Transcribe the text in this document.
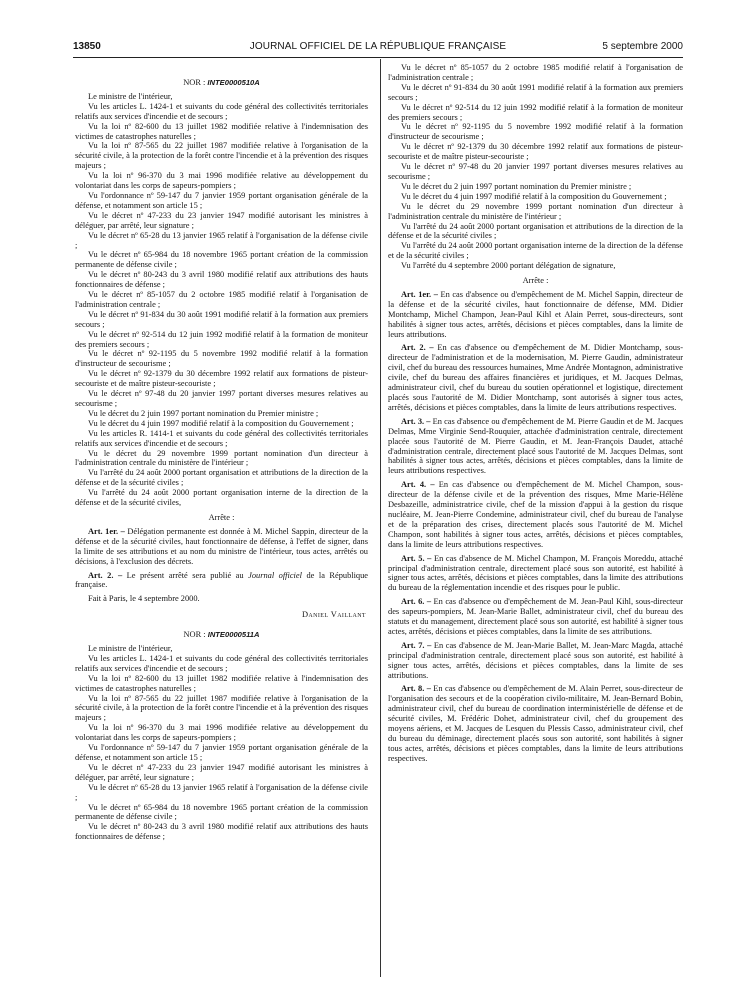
13850	JOURNAL OFFICIEL DE LA RÉPUBLIQUE FRANÇAISE	5 septembre 2000
NOR : INTE0000510A

Le ministre de l'intérieur,

Vu les articles L. 1424-1 et suivants du code général des collectivités territoriales relatifs aux services d'incendie et de secours ;

Vu la loi nº 82-600 du 13 juillet 1982 modifiée relative à l'indemnisation des victimes de catastrophes naturelles ;

Vu la loi nº 87-565 du 22 juillet 1987 modifiée relative à l'organisation de la sécurité civile, à la protection de la forêt contre l'incendie et à la prévention des risques majeurs ;

Vu la loi nº 96-370 du 3 mai 1996 modifiée relative au développement du volontariat dans les corps de sapeurs-pompiers ;

Vu l'ordonnance nº 59-147 du 7 janvier 1959 portant organisation générale de la défense, et notamment son article 15 ;

Vu le décret nº 47-233 du 23 janvier 1947 modifié autorisant les ministres à déléguer, par arrêté, leur signature ;

Vu le décret nº 65-28 du 13 janvier 1965 relatif à l'organisation de la défense civile ;

Vu le décret nº 65-984 du 18 novembre 1965 portant création de la commission permanente de défense civile ;

Vu le décret nº 80-243 du 3 avril 1980 modifié relatif aux attributions des hauts fonctionnaires de défense ;

Vu le décret nº 85-1057 du 2 octobre 1985 modifié relatif à l'organisation de l'administration centrale ;

Vu le décret nº 91-834 du 30 août 1991 modifié relatif à la formation aux premiers secours ;

Vu le décret nº 92-514 du 12 juin 1992 modifié relatif à la formation de moniteur des premiers secours ;

Vu le décret nº 92-1195 du 5 novembre 1992 modifié relatif à la formation d'instructeur de secourisme ;

Vu le décret nº 92-1379 du 30 décembre 1992 relatif aux formations de pisteur-secouriste et de maître pisteur-secouriste ;

Vu le décret nº 97-48 du 20 janvier 1997 portant diverses mesures relatives au secourisme ;

Vu le décret du 2 juin 1997 portant nomination du Premier ministre ;

Vu le décret du 4 juin 1997 modifié relatif à la composition du Gouvernement ;

Vu les articles R. 1414-1 et suivants du code général des collectivités territoriales relatifs aux services d'incendie et de secours ;

Vu le décret du 29 novembre 1999 portant nomination d'un directeur à l'administration centrale du ministère de l'intérieur ;

Vu l'arrêté du 24 août 2000 portant organisation et attributions de la direction de la défense et de la sécurité civiles ;

Vu l'arrêté du 24 août 2000 portant organisation interne de la direction de la défense et de la sécurité civiles,

Arrête :

Art. 1er. – Délégation permanente est donnée à M. Michel Sappin, directeur de la défense et de la sécurité civiles, haut fonctionnaire de défense, à l'effet de signer, dans la limite de ses attributions et au nom du ministre de l'intérieur, tous actes, arrêtés ou décisions, à l'exclusion des décrets.

Art. 2. – Le présent arrêté sera publié au Journal officiel de la République française.

Fait à Paris, le 4 septembre 2000.

Daniel Vaillant
NOR : INTE0000511A

Le ministre de l'intérieur,

Vu les articles L. 1424-1 et suivants du code général des collectivités territoriales relatifs aux services d'incendie et de secours ;

Vu la loi nº 82-600 du 13 juillet 1982 modifiée relative à l'indemnisation des victimes de catastrophes naturelles ;

Vu la loi nº 87-565 du 22 juillet 1987 modifiée relative à l'organisation de la sécurité civile, à la protection de la forêt contre l'incendie et à la prévention des risques majeurs ;

Vu la loi nº 96-370 du 3 mai 1996 modifiée relative au développement du volontariat dans les corps de sapeurs-pompiers ;

Vu l'ordonnance nº 59-147 du 7 janvier 1959 portant organisation générale de la défense, et notamment son article 15 ;

Vu le décret nº 47-233 du 23 janvier 1947 modifié autorisant les ministres à déléguer, par arrêté, leur signature ;

Vu le décret nº 65-28 du 13 janvier 1965 relatif à l'organisation de la défense civile ;

Vu le décret nº 65-984 du 18 novembre 1965 portant création de la commission permanente de défense civile ;

Vu le décret nº 80-243 du 3 avril 1980 modifié relatif aux attributions des hauts fonctionnaires de défense ;

Vu le décret nº 85-1057 du 2 octobre 1985 modifié relatif à l'organisation de l'administration centrale ;

Vu le décret nº 91-834 du 30 août 1991 modifié relatif à la formation aux premiers secours ;

Vu le décret nº 92-514 du 12 juin 1992 modifié relatif à la formation de moniteur des premiers secours ;

Vu le décret nº 92-1195 du 5 novembre 1992 modifié relatif à la formation d'instructeur de secourisme ;

Vu le décret nº 92-1379 du 30 décembre 1992 relatif aux formations de pisteur-secouriste et de maître pisteur-secouriste ;

Vu le décret nº 97-48 du 20 janvier 1997 portant diverses mesures relatives au secourisme ;

Vu le décret du 2 juin 1997 portant nomination du Premier ministre ;

Vu le décret du 4 juin 1997 modifié relatif à la composition du Gouvernement ;

Vu le décret du 29 novembre 1999 portant nomination d'un directeur à l'administration centrale du ministère de l'intérieur ;

Vu l'arrêté du 24 août 2000 portant organisation et attributions de la direction de la défense et de la sécurité civiles ;

Vu l'arrêté du 24 août 2000 portant organisation interne de la direction de la défense et de la sécurité civiles ;

Vu l'arrêté du 4 septembre 2000 portant délégation de signature,

Arrête :

Art. 1er. – En cas d'absence ou d'empêchement de M. Michel Sappin, directeur de la défense et de la sécurité civiles, haut fonctionnaire de défense, MM. Didier Montchamp, Michel Champon, Jean-Paul Kihl et Alain Perret, sous-directeurs, sont habilités à signer tous actes, arrêtés, décisions et pièces comptables, dans la limite de leurs attributions.

Art. 2. – En cas d'absence ou d'empêchement de M. Didier Montchamp, sous-directeur de l'administration et de la modernisation, M. Pierre Gaudin, administrateur civil, chef du bureau des ressources humaines, Mme Andrée Montagnon, administrative civile, chef du bureau des affaires financières et juridiques, et M. Jacques Delmas, administrateur civil, chef du bureau du soutien opérationnel et logistique, directement placés sous l'autorité de M. Didier Montchamp, sont autorisés à signer tous actes, arrêtés, décisions et pièces comptables, dans la limite de leurs attributions respectives.

Art. 3. – En cas d'absence ou d'empêchement de M. Pierre Gaudin et de M. Jacques Delmas, Mme Virginie Send-Rouquier, attachée d'administration centrale, directement placée sous l'autorité de M. Pierre Gaudin, et M. Jean-François Daudet, attaché d'administration centrale, directement placé sous l'autorité de M. Jacques Delmas, sont habilités à signer tous actes, arrêtés, décisions et pièces comptables, dans la limite de leurs attributions respectives.

Art. 4. – En cas d'absence ou d'empêchement de M. Michel Champon, sous-directeur de la défense civile et de la prévention des risques, Mme Marie-Hélène Desbazeille, administratrice civile, chef de la mission d'appui à la gestion du risque nucléaire, M. Jean-Pierre Condemine, administrateur civil, chef du bureau de l'analyse et de la préparation des crises, directement placés sous l'autorité de M. Michel Champon, sont habilités à signer tous actes, arrêtés, décisions et pièces comptables, dans la limite de leurs attributions respectives.

Art. 5. – En cas d'absence de M. Michel Champon, M. François Moreddu, attaché principal d'administration centrale, directement placé sous son autorité, est habilité à signer tous actes, arrêtés, décisions et pièces comptables, dans la limite des attributions du bureau de la réglementation incendie et des risques pour le public.

Art. 6. – En cas d'absence ou d'empêchement de M. Jean-Paul Kihl, sous-directeur des sapeurs-pompiers, M. Jean-Marie Ballet, administrateur civil, chef du bureau des statuts et du management, directement placé sous son autorité, est habilité à signer tous actes, arrêtés, décisions et pièces comptables, dans la limite de ses attributions.

Art. 7. – En cas d'absence de M. Jean-Marie Ballet, M. Jean-Marc Magda, attaché principal d'administration centrale, directement placé sous son autorité, est habilité à signer tous actes, arrêtés, décisions et pièces comptables, dans la limite de ses attributions.

Art. 8. – En cas d'absence ou d'empêchement de M. Alain Perret, sous-directeur de l'organisation des secours et de la coopération civilo-militaire, M. Jean-Bernard Bobin, administrateur civil, chef du bureau de coordination interministérielle de défense et de sécurité civiles, M. Frédéric Dohet, administrateur civil, chef du groupement des moyens aériens, et M. Jacques de Lesquen du Plessis Casso, administrateur civil, chef du bureau du déminage, directement placés sous son autorité, sont habilités à signer tous actes, arrêtés, décisions et pièces comptables, dans la limite de leurs attributions respectives.
